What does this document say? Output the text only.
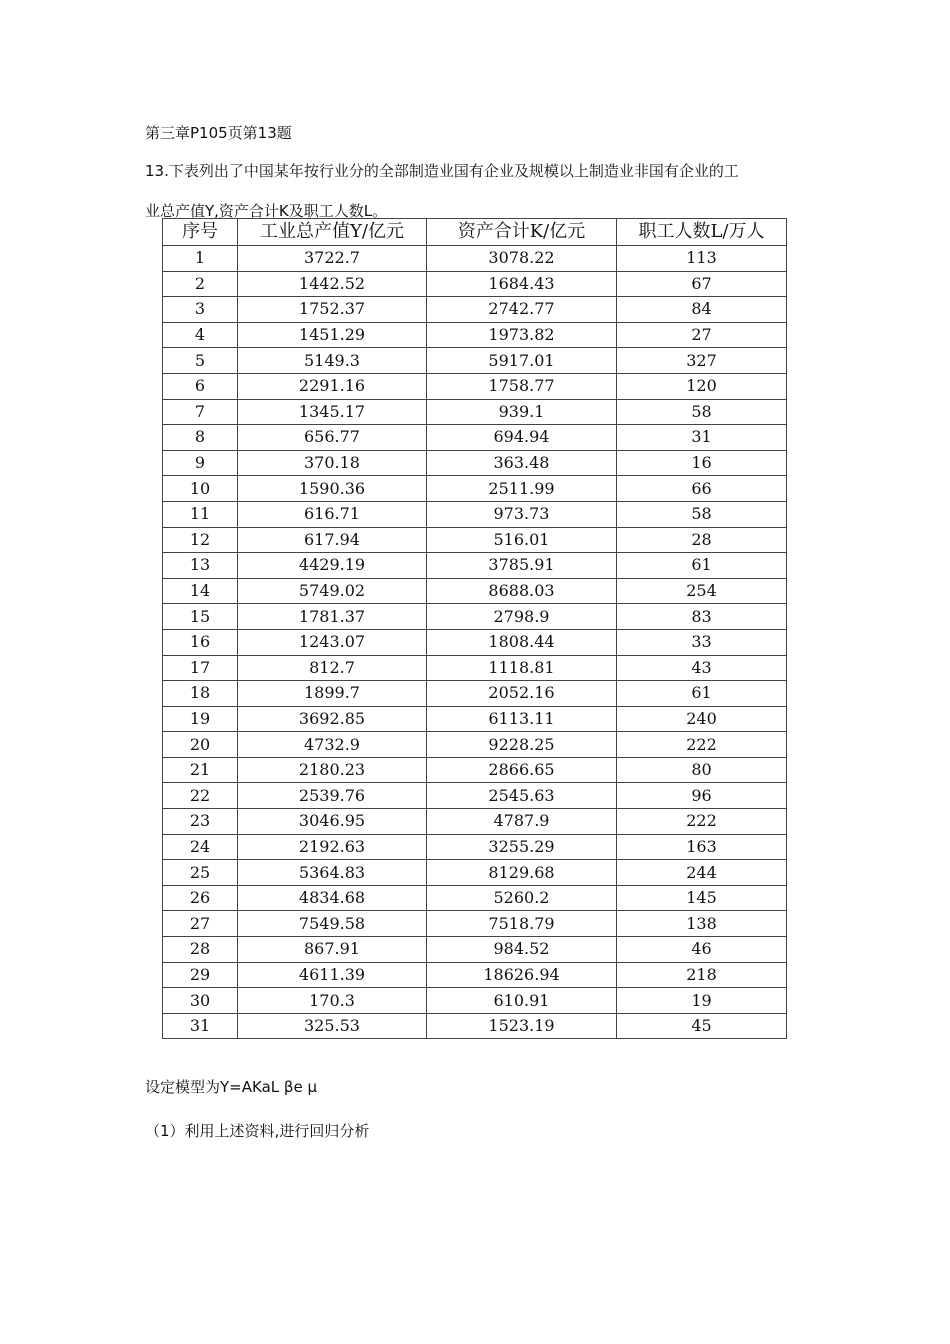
第三章P105页第13题
13.下表列出了中国某年按行业分的全部制造业国有企业及规模以上制造业非国有企业的工
业总产值Y,资产合计K及职工人数L。
序号	工业总产值Y/亿元	资产合计K/亿元	职工人数L/万人
1	3722.7	3078.22	113
2	1442.52	1684.43	67
3	1752.37	2742.77	84
4	1451.29	1973.82	27
5	5149.3	5917.01	327
6	2291.16	1758.77	120
7	1345.17	939.1	58
8	656.77	694.94	31
9	370.18	363.48	16
10	1590.36	2511.99	66
11	616.71	973.73	58
12	617.94	516.01	28
13	4429.19	3785.91	61
14	5749.02	8688.03	254
15	1781.37	2798.9	83
16	1243.07	1808.44	33
17	812.7	1118.81	43
18	1899.7	2052.16	61
19	3692.85	6113.11	240
20	4732.9	9228.25	222
21	2180.23	2866.65	80
22	2539.76	2545.63	96
23	3046.95	4787.9	222
24	2192.63	3255.29	163
25	5364.83	8129.68	244
26	4834.68	5260.2	145
27	7549.58	7518.79	138
28	867.91	984.52	46
29	4611.39	18626.94	218
30	170.3	610.91	19
31	325.53	1523.19	45
设定模型为Y=AKaL βe μ
（1）利用上述资料,进行回归分析
